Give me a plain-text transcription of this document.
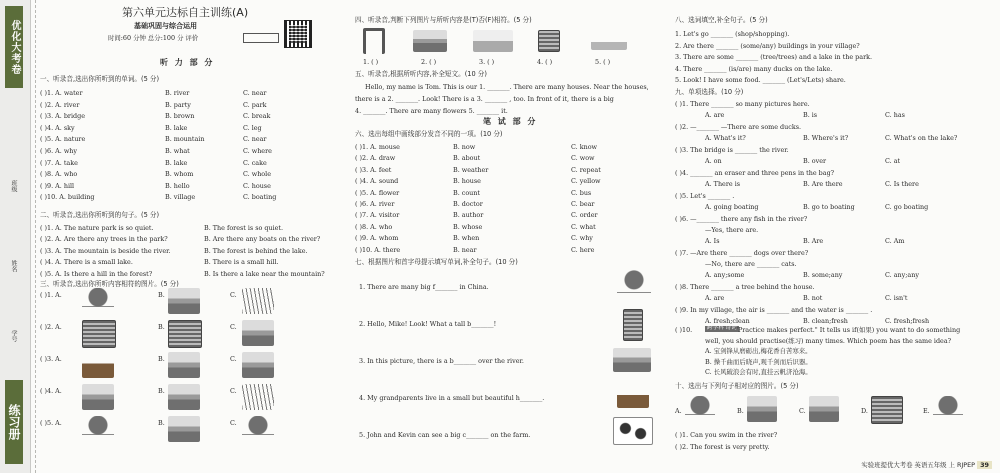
优化大考卷
班级
姓名
学号
练习册
第六单元达标自主训练(A)
基础巩固与综合运用
时间:60 分钟 总分:100 分 评价
听 力 部 分
一、听录音,选出你所听到的单词。(5 分)
( )1. A. water	B. river	C. near
( )2. A. river	B. party	C. park
( )3. A. bridge	B. brown	C. break
( )4. A. sky	B. lake	C. leg
( )5. A. nature	B. mountain	C. near
( )6. A. why	B. what	C. where
( )7. A. take	B. lake	C. cake
( )8. A. who	B. whom	C. whole
( )9. A. hill	B. hello	C. house
( )10. A. building	B. village	C. boating
二、听录音,选出你所听到的句子。(5 分)
( )1. A. The nature park is so quiet.	B. The forest is so quiet.
( )2. A. Are there any trees in the park?	B. Are there any boats on the river?
( )3. A. The mountain is beside the river.	B. The forest is behind the lake.
( )4. A. There is a small lake.	B. There is a small hill.
( )5. A. Is there a hill in the forest?	B. Is there a lake near the mountain?
三、听录音,选出你所听内容相符的图片。(5 分)
( )1. A.	B.	C.
( )2. A.	B.	C.
( )3. A.	B.	C.
( )4. A.	B.	C.
( )5. A.	B.	C.
四、听录音,判断下列图片与所听内容是(T)否(F)相符。(5 分)
1. ( )	2. ( )	3. ( )	4. ( )	5. ( )
五、听录音,根据所听内容,补全短文。(10 分)
Hello, my name is Tom. This is our 1. _______. There are many houses. Near the houses,
there is a 2. _______. Look! There is a 3. _______ , too. In front of it, there is a big
4. _______. There are many flowers 5. _______ it.
笔 试 部 分
六、选出每组中画线部分发音不同的一项。(10 分)
( )1. A. mouse	B. now	C. know
( )2. A. draw	B. about	C. wow
( )3. A. feet	B. weather	C. repeat
( )4. A. sound	B. house	C. yellow
( )5. A. flower	B. count	C. bus
( )6. A. river	B. doctor	C. bear
( )7. A. visitor	B. author	C. order
( )8. A. who	B. whose	C. what
( )9. A. whom	B. when	C. why
( )10. A. there	B. near	C. here
七、根据图片和首字母提示填写单词,补全句子。(10 分)
1. There are many big f_______ in China.
2. Hello, Mike! Look! What a tall b_______!
3. In this picture, there is a b_______ over the river.
4. My grandparents live in a small but beautiful h_______.
5. John and Kevin can see a big c_______ on the farm.
八、选词填空,补全句子。(5 分)
1. Let's go _______ (shop/shopping).
2. Are there _______ (some/any) buildings in your village?
3. There are some _______ (tree/trees) and a lake in the park.
4. There _______ (is/are) many ducks on the lake.
5. Look! I have some food. _______ (Let's/Lets) share.
九、单项选择。(10 分)
( )1. There _______ so many pictures here.
A. are	B. is	C. has
( )2. —_______ —There are some ducks.
A. What's it?	B. Where's it?	C. What's on the lake?
( )3. The bridge is _______ the river.
A. on	B. over	C. at
( )4. _______ an eraser and three pens in the bag?
A. There is	B. Are there	C. Is there
( )5. Let's _______ .
A. going boating	B. go to boating	C. go boating
( )6. —_______ there any fish in the river?
—Yes, there are.
A. Is	B. Are	C. Am
( )7. —Are there _______ dogs over there?
—No, there are _______ cats.
A. any;some	B. some;any	C. any;any
( )8. There _______ a tree behind the house.
A. are	B. not	C. isn't
( )9. In my village, the air is _______ and the water is _______ .
A. fresh;clean	B. clean;fresh	C. fresh;fresh
( )10.	跨学科 诗词
"Practice makes perfect." It tells us if(如果) you want to do something
well, you should practise(练习) many times. Which poem has the same idea?
A. 宝剑锋从磨砺出,梅花香自苦寒来。
B. 操千曲而后晓声,观千剑而后识器。
C. 长风破浪会有时,直挂云帆济沧海。
十、选出与下列句子相对应的图片。(5 分)
A.	B.	C.	D.	E.
( )1. Can you swim in the river?
( )2. The forest is very pretty.
实验班提优大考卷 英语五年级 上 RJPEP 39
